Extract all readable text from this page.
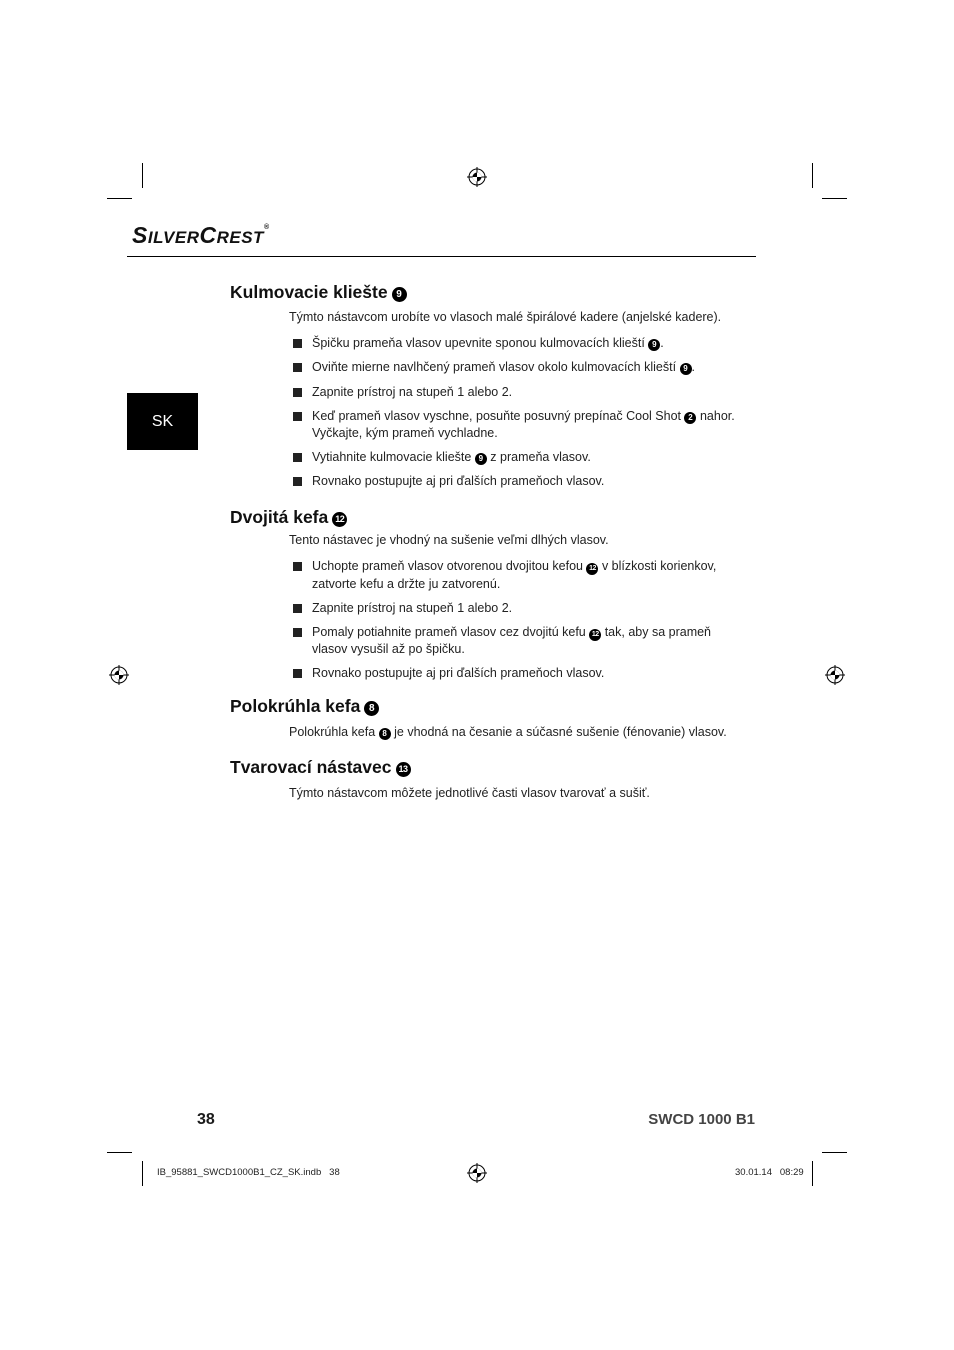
SILVERCREST®
SK
Kulmovacie kliešte 9
Týmto nástavcom urobíte vo vlasoch malé špirálové kadere (anjelské kadere).
Špičku prameňa vlasov upevnite sponou kulmovacích klieští 9 .
Oviňte mierne navlhčený prameň vlasov okolo kulmovacích klieští 9 .
Zapnite prístroj na stupeň 1 alebo 2.
Keď prameň vlasov vyschne, posuňte posuvný prepínač Cool Shot 2 nahor.
Vyčkajte, kým prameň vychladne.
Vytiahnite kulmovacie kliešte 9 z prameňa vlasov.
Rovnako postupujte aj pri ďalších prameňoch vlasov.
Dvojitá kefa 12
Tento nástavec je vhodný na sušenie veľmi dlhých vlasov.
Uchopte prameň vlasov otvorenou dvojitou kefou 12 v blízkosti korienkov,
zatvorte kefu a držte ju zatvorenú.
Zapnite prístroj na stupeň 1 alebo 2.
Pomaly potiahnite prameň vlasov cez dvojitú kefu 12 tak, aby sa prameň
vlasov vysušil až po špičku.
Rovnako postupujte aj pri ďalších prameňoch vlasov.
Polokrúhla kefa 8
Polokrúhla kefa 8 je vhodná na česanie a súčasné sušenie (fénovanie) vlasov.
Tvarovací nástavec 13
Týmto nástavcom môžete jednotlivé časti vlasov tvarovať a sušiť.
38	SWCD 1000 B1
IB_95881_SWCD1000B1_CZ_SK.indb   38	30.01.14   08:29
